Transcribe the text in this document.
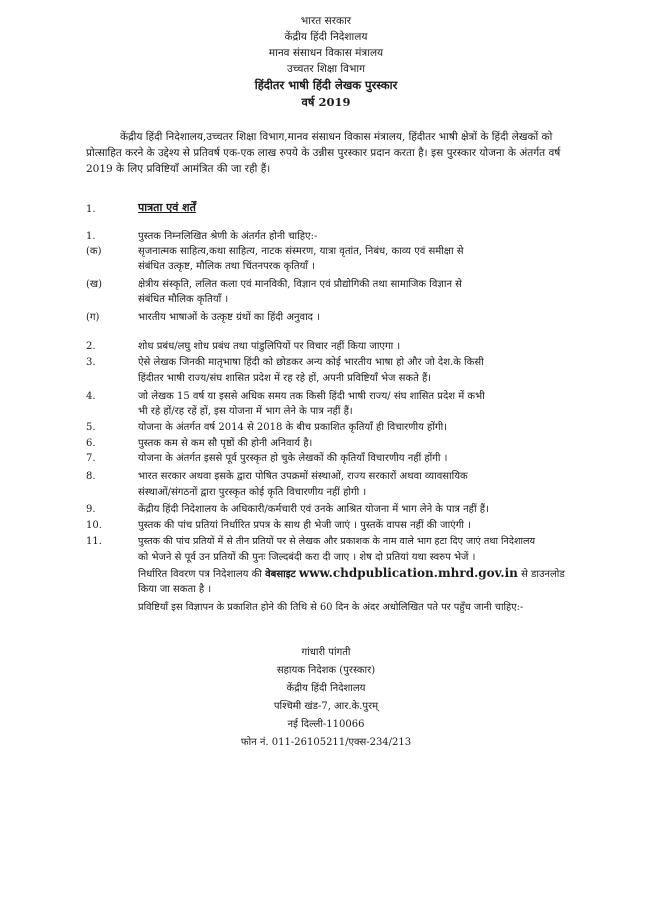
भारत सरकार
केंद्रीय हिंदी निदेशालय
मानव संसाधन विकास मंत्रालय
उच्चतर शिक्षा विभाग
हिंदीतर भाषी हिंदी लेखक पुरस्कार
वर्ष 2019
केंद्रीय हिंदी निदेशालय,उच्चतर शिक्षा विभाग,मानव संसाधन विकास मंत्रालय, हिंदीतर भाषी क्षेत्रों के हिंदी लेखकों को
प्रोत्साहित करने के उद्देश्य से प्रतिवर्ष एक-एक लाख रुपये के उन्नीस पुरस्कार प्रदान करता है। इस पुरस्कार योजना के अंतर्गत वर्ष
2019 के लिए प्रविष्टियाँ आमंत्रित की जा रही हैं।
1.	पात्रता एवं शर्तें
1.	पुस्तक निम्नलिखित श्रेणी के अंतर्गत होनी चाहिए:-
(क)	सृजनात्मक साहित्य,कथा साहित्य, नाटक संस्मरण, यात्रा वृतांत, निबंध, काव्य एवं समीक्षा से
संबंधित उत्कृष्ट, मौलिक तथा चिंतनपरक कृतियाँ ।
(ख)	क्षेत्रीय संस्कृति, ललित कला एवं मानविकी, विज्ञान एवं प्रौद्योगिकी तथा सामाजिक विज्ञान से
संबंधित मौलिक कृतियाँ ।
(ग)	भारतीय भाषाओं के उत्कृष्ट ग्रंथों का हिंदी अनुवाद ।
2.	शोध प्रबंध/लघु शोध प्रबंध तथा पांडुलिपियों पर विचार नहीं किया जाएगा ।
3.	ऐसे लेखक जिनकी मातृभाषा हिंदी को छोडकर अन्य कोई भारतीय भाषा हो और जो देश.के किसी
हिंदीतर भाषी राज्य/संघ शासित प्रदेश में रह रहे हों, अपनी प्रविष्टियाँ भेज सकते हैं।
4.	जो लेखक 15 वर्ष या इससे अधिक समय तक किसी हिंदी भाषी राज्य/ संघ शासित प्रदेश में कभी
भी रहे हों/रह रहें हों, इस योजना में भाग लेने के पात्र नहीं हैं।
5.	योजना के अंतर्गत वर्ष 2014 से 2018 के बीच प्रकाशित कृतियाँ ही विचारणीय होंगी।
6.	पुस्तक कम से कम सौ पृष्ठों की होनी अनिवार्य है।
7.	योजना के अंतर्गत इससे पूर्व पुरस्कृत हो चुके लेखकों की कृतियाँ विचारणीय नहीं होंगी ।
8.	भारत सरकार अथवा इसके द्वारा पोषित उपक्रमों संस्थाओं, राज्य सरकारों अथवा व्यावसायिक
संस्थाओं/संगठनों द्वारा पुरस्कृत कोई कृति विचारणीय नहीं होगी ।
9.	केंद्रीय हिंदी निदेशालय के अधिकारी/कर्मचारी एवं उनके आश्रित योजना में भाग लेने के पात्र नहीं हैं।
10.	पुस्तक की पांच प्रतियां निर्धारित प्रपत्र के साथ ही भेजी जाएं । पुस्तकें वापस नहीं की जाएंगी ।
11.	पुस्तक की पांच प्रतियों में से तीन प्रतियों पर से लेखक और प्रकाशक के नाम वाले भाग हटा दिए जाएं तथा निदेशालय
को भेजने से पूर्व उन प्रतियों की पुनः जिल्दबंदी करा दी जाए । शेष दो प्रतियां यथा स्वरुप भेजें ।
निर्धारित विवरण पत्र निदेशालय की वेबसाइट www.chdpublication.mhrd.gov.in से डाउनलोड
किया जा सकता है ।
प्रविष्टियाँ इस विज्ञापन के प्रकाशित होने की तिथि से 60 दिन के अंदर अधोलिखित पते पर पहुँच जानी चाहिए:-
गांधारी पांगती
सहायक निदेशक (पुरस्कार)
केंद्रीय हिंदी निदेशालय
पश्चिमी खंड-7, आर.के.पुरम्
नई दिल्ली-110066
फोन नं. 011-26105211/एक्स-234/213
